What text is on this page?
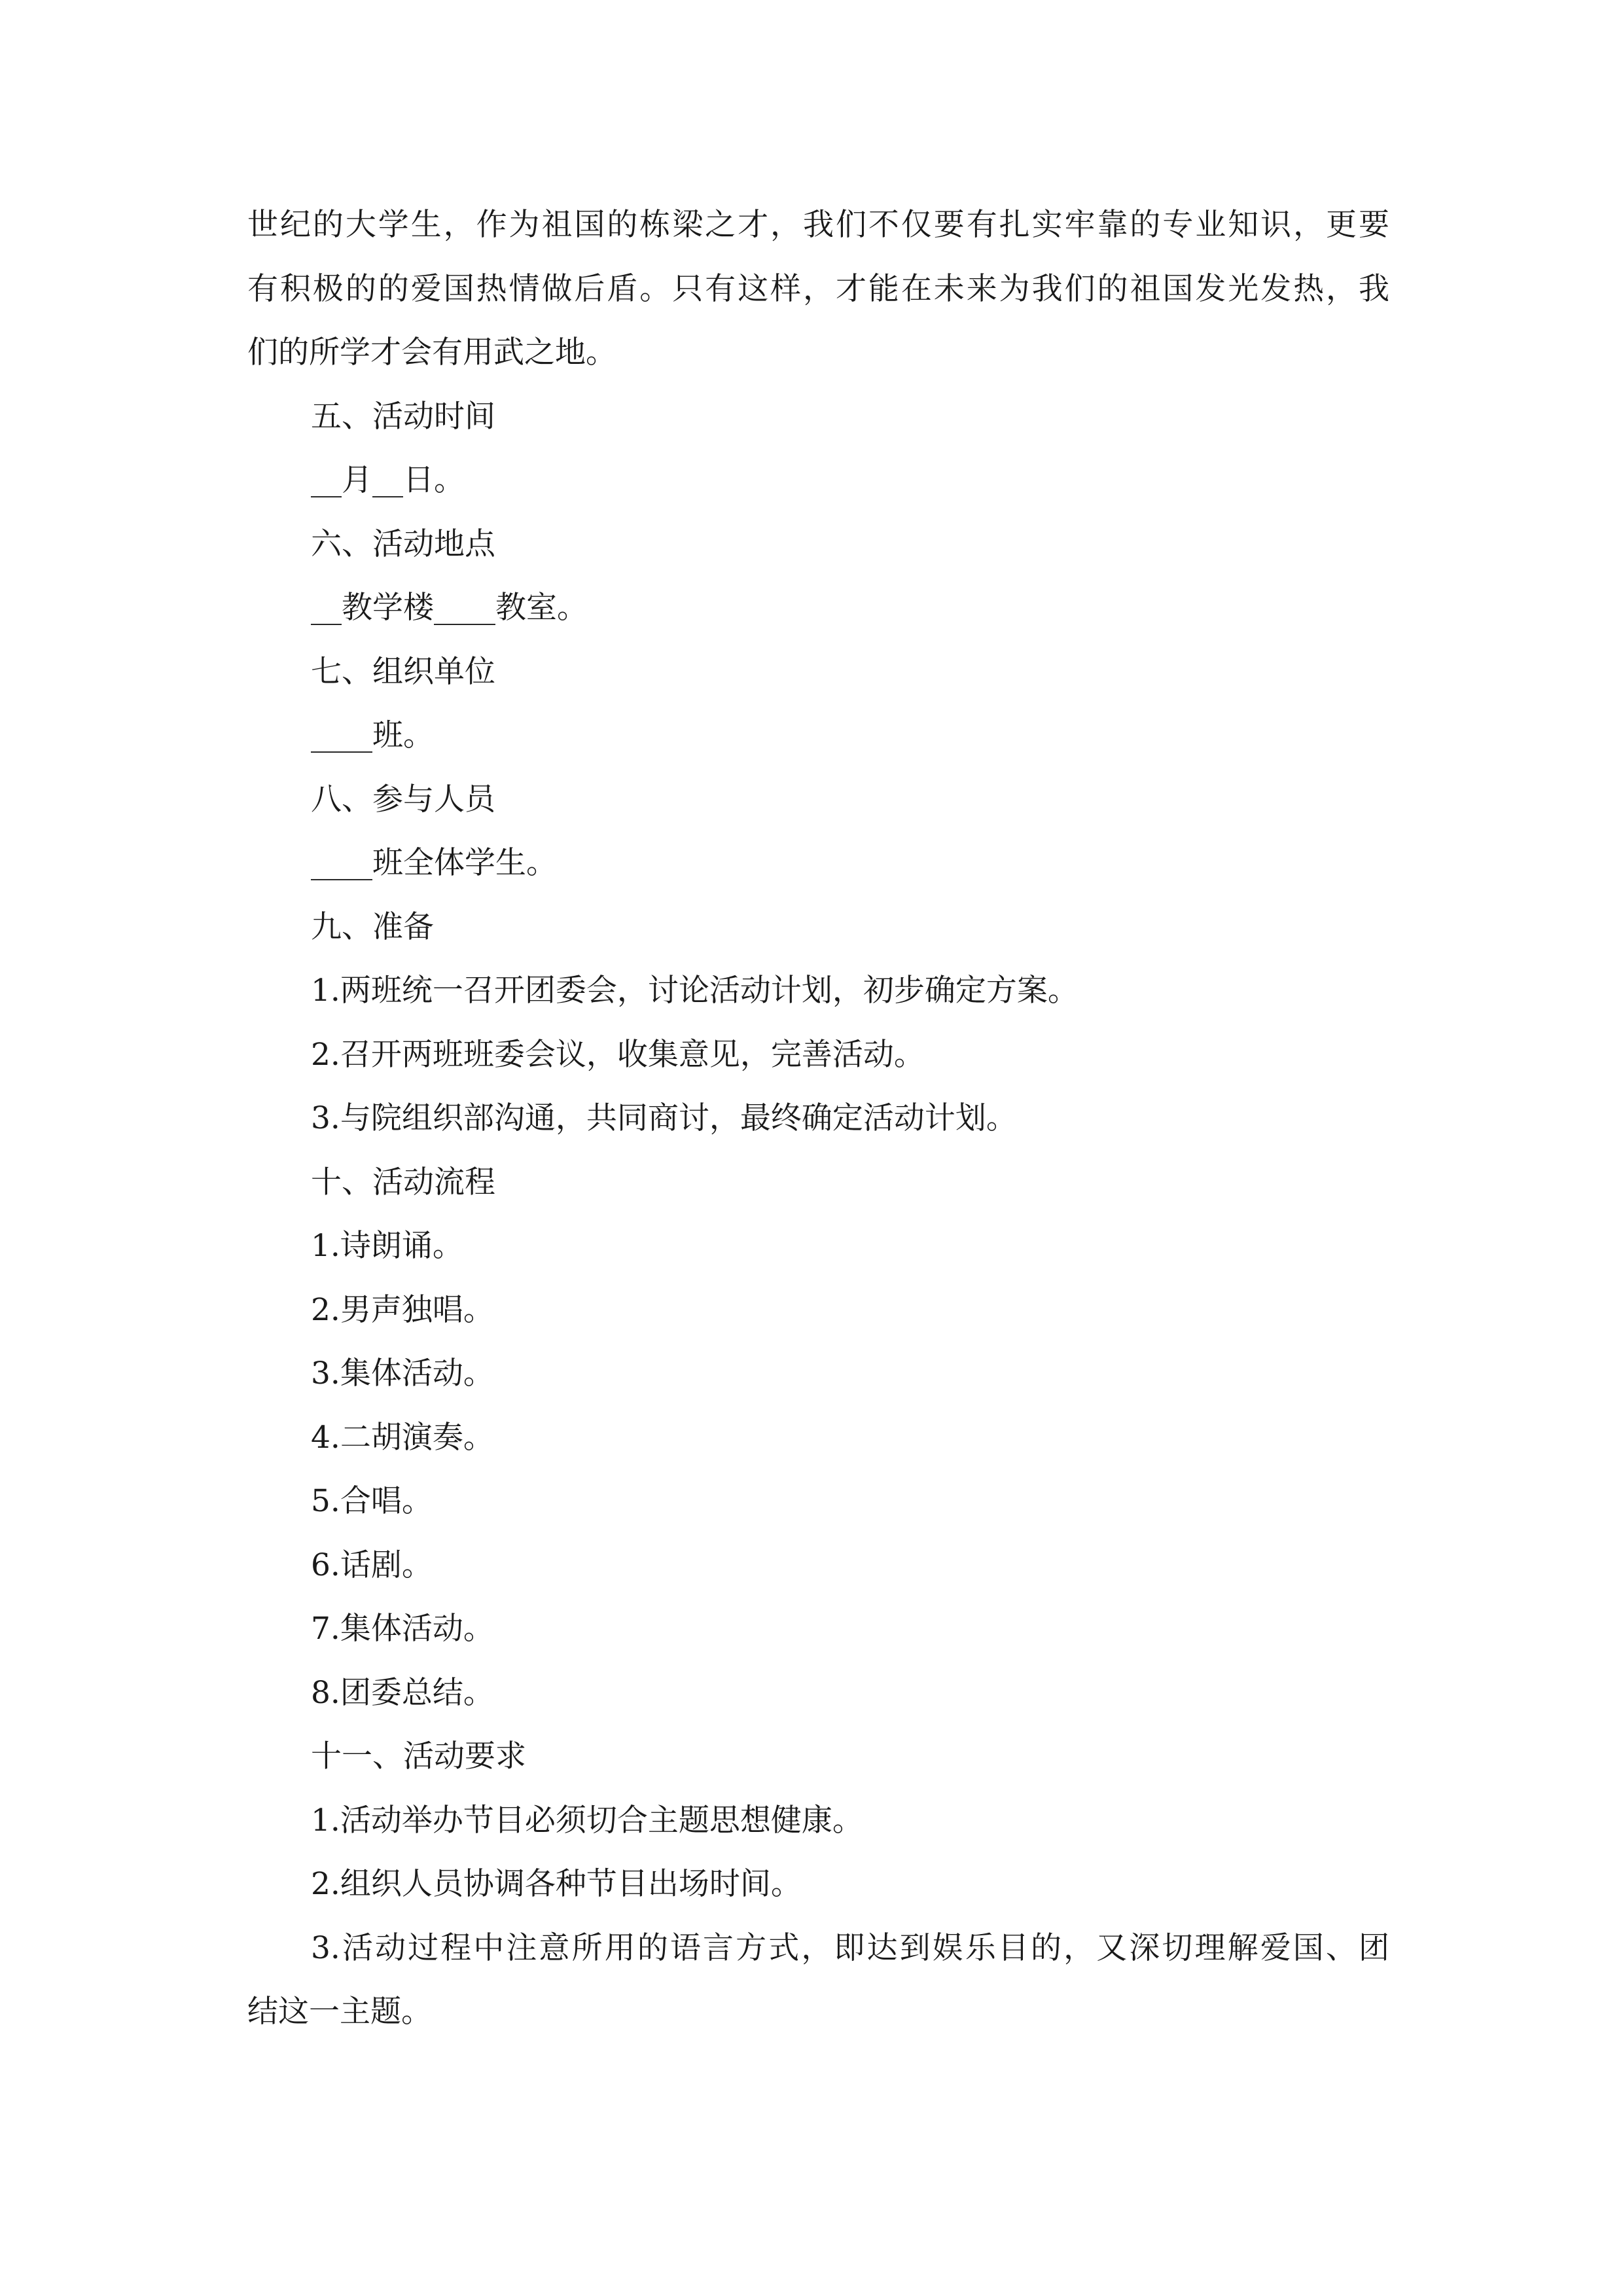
世纪的大学生，作为祖国的栋梁之才，我们不仅要有扎实牢靠的专业知识，更要
有积极的的爱国热情做后盾。只有这样，才能在未来为我们的祖国发光发热，我
们的所学才会有用武之地。

五、活动时间

__月__日。

六、活动地点

__教学楼____教室。

七、组织单位

____班。

八、参与人员

____班全体学生。

九、准备

1.两班统一召开团委会，讨论活动计划，初步确定方案。

2.召开两班班委会议，收集意见，完善活动。

3.与院组织部沟通，共同商讨，最终确定活动计划。

十、活动流程

1.诗朗诵。

2.男声独唱。

3.集体活动。

4.二胡演奏。

5.合唱。

6.话剧。

7.集体活动。

8.团委总结。

十一、活动要求

1.活动举办节目必须切合主题思想健康。

2.组织人员协调各种节目出场时间。

3.活动过程中注意所用的语言方式，即达到娱乐目的，又深切理解爱国、团
结这一主题。
